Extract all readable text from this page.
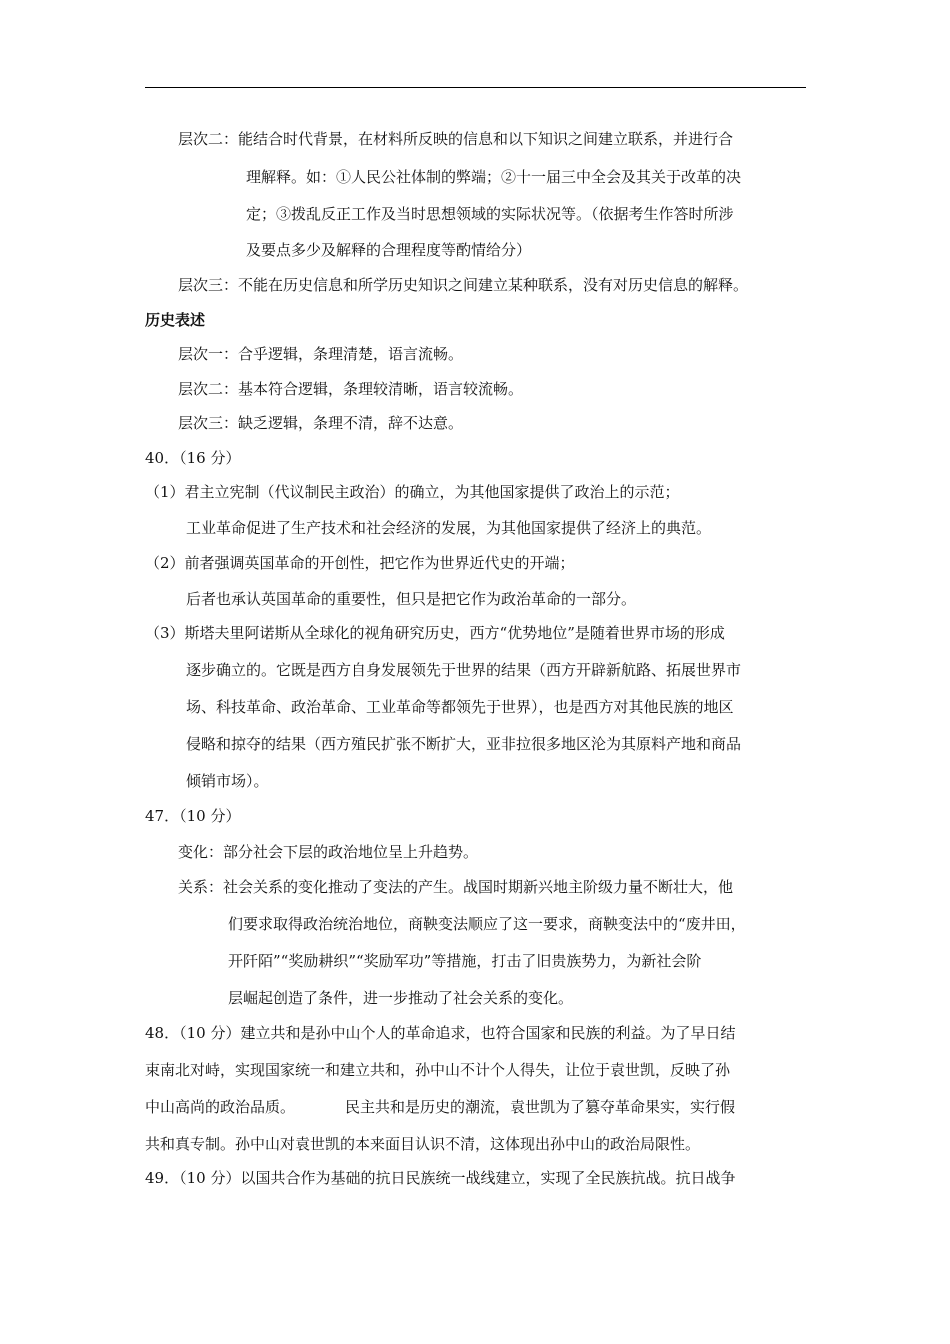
层次二：能结合时代背景，在材料所反映的信息和以下知识之间建立联系，并进行合
理解释。如：①人民公社体制的弊端；②十一届三中全会及其关于改革的决
定；③拨乱反正工作及当时思想领域的实际状况等。（依据考生作答时所涉
及要点多少及解释的合理程度等酌情给分）
层次三：不能在历史信息和所学历史知识之间建立某种联系，没有对历史信息的解释。
历史表述
层次一：合乎逻辑，条理清楚，语言流畅。
层次二：基本符合逻辑，条理较清晰，语言较流畅。
层次三：缺乏逻辑，条理不清，辞不达意。
40．（16 分）
（1）君主立宪制（代议制民主政治）的确立，为其他国家提供了政治上的示范；
工业革命促进了生产技术和社会经济的发展，为其他国家提供了经济上的典范。
（2）前者强调英国革命的开创性，把它作为世界近代史的开端；
后者也承认英国革命的重要性，但只是把它作为政治革命的一部分。
（3）斯塔夫里阿诺斯从全球化的视角研究历史，西方“优势地位”是随着世界市场的形成
逐步确立的。它既是西方自身发展领先于世界的结果（西方开辟新航路、拓展世界市
场、科技革命、政治革命、工业革命等都领先于世界），也是西方对其他民族的地区
侵略和掠夺的结果（西方殖民扩张不断扩大，亚非拉很多地区沦为其原料产地和商品
倾销市场）。
47．（10 分）
变化：部分社会下层的政治地位呈上升趋势。
关系：社会关系的变化推动了变法的产生。战国时期新兴地主阶级力量不断壮大，他
们要求取得政治统治地位，商鞅变法顺应了这一要求，商鞅变法中的“废井田，
开阡陌”“奖励耕织”“奖励军功”等措施，打击了旧贵族势力，为新社会阶
层崛起创造了条件，进一步推动了社会关系的变化。
48．（10 分）建立共和是孙中山个人的革命追求，也符合国家和民族的利益。为了早日结
束南北对峙，实现国家统一和建立共和，孙中山不计个人得失，让位于袁世凯，反映了孙
中山高尚的政治品质。	民主共和是历史的潮流，袁世凯为了篡夺革命果实，实行假
共和真专制。孙中山对袁世凯的本来面目认识不清，这体现出孙中山的政治局限性。
49．（10 分）以国共合作为基础的抗日民族统一战线建立，实现了全民族抗战。抗日战争
